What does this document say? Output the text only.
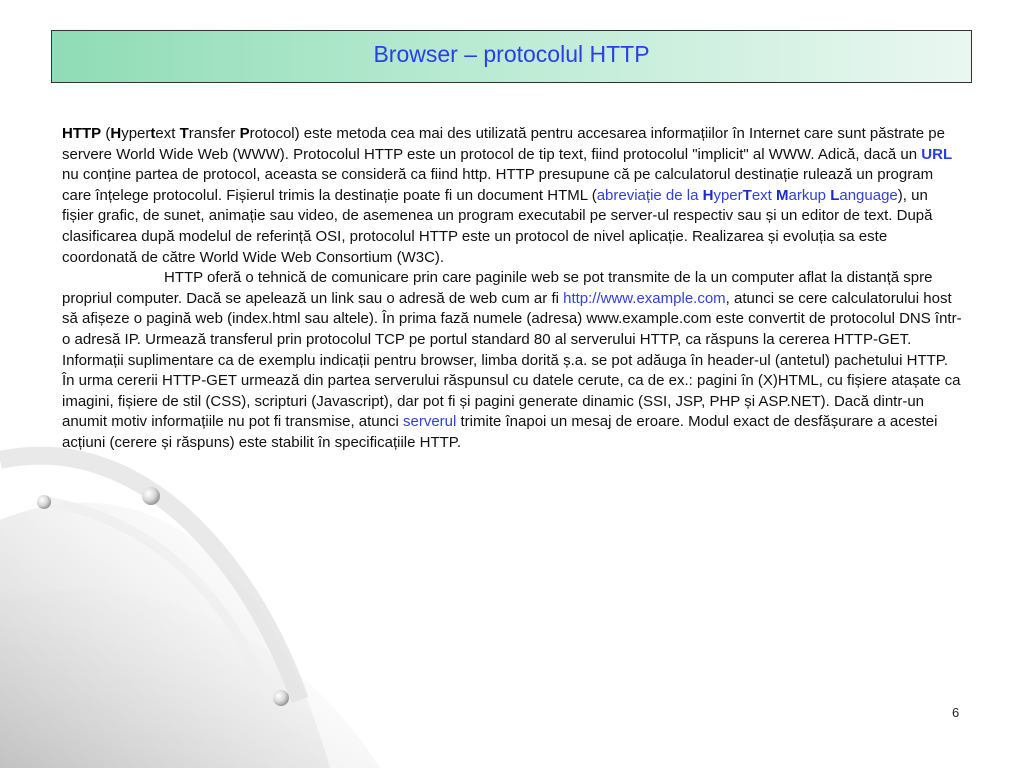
Browser – protocolul HTTP

HTTP (Hypertext Transfer Protocol) este metoda cea mai des utilizată pentru accesarea informațiilor în Internet care sunt păstrate pe servere World Wide Web (WWW). Protocolul HTTP este un protocol de tip text, fiind protocolul "implicit" al WWW. Adică, dacă un URL nu conține partea de protocol, aceasta se consideră ca fiind http. HTTP presupune că pe calculatorul destinație rulează un program care înțelege protocolul. Fișierul trimis la destinație poate fi un document HTML (abreviație de la HyperText Markup Language), un fișier grafic, de sunet, animație sau video, de asemenea un program executabil pe server-ul respectiv sau și un editor de text. După clasificarea după modelul de referință OSI, protocolul HTTP este un protocol de nivel aplicație. Realizarea și evoluția sa este coordonată de către World Wide Web Consortium (W3C).

HTTP oferă o tehnică de comunicare prin care paginile web se pot transmite de la un computer aflat la distanță spre propriul computer. Dacă se apelează un link sau o adresă de web cum ar fi http://www.example.com, atunci se cere calculatorului host să afișeze o pagină web (index.html sau altele). În prima fază numele (adresa) www.example.com este convertit de protocolul DNS într-o adresă IP. Urmează transferul prin protocolul TCP pe portul standard 80 al serverului HTTP, ca răspuns la cererea HTTP-GET. Informații suplimentare ca de exemplu indicații pentru browser, limba dorită ș.a. se pot adăuga în header-ul (antetul) pachetului HTTP. În urma cererii HTTP-GET urmează din partea serverului răspunsul cu datele cerute, ca de ex.: pagini în (X)HTML, cu fișiere atașate ca imagini, fișiere de stil (CSS), scripturi (Javascript), dar pot fi și pagini generate dinamic (SSI, JSP, PHP și ASP.NET). Dacă dintr-un anumit motiv informațiile nu pot fi transmise, atunci serverul trimite înapoi un mesaj de eroare. Modul exact de desfășurare a acestei acțiuni (cerere și răspuns) este stabilit în specificațiile HTTP.

6
